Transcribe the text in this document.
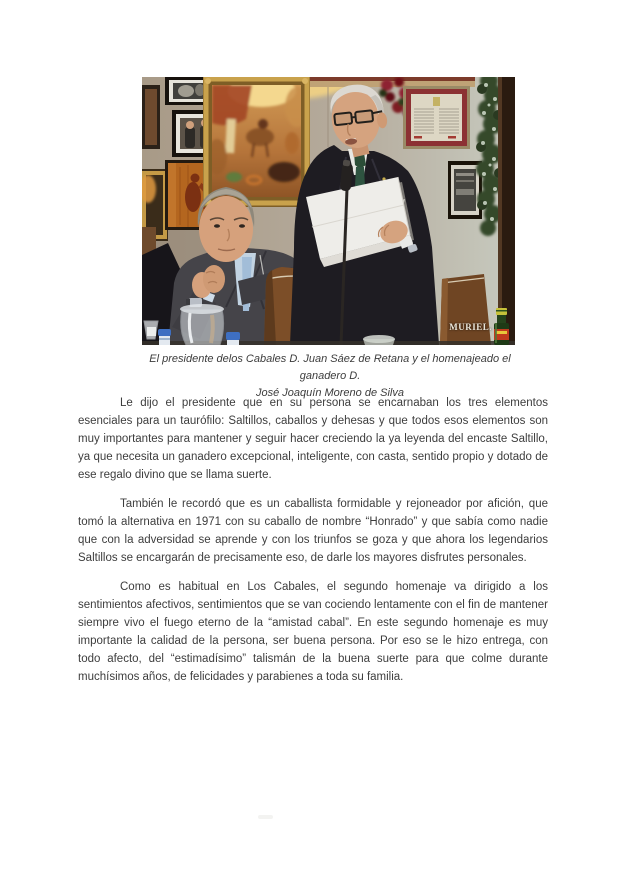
MURIEL.
El presidente delos Cabales D. Juan Sáez de Retana y el homenajeado el ganadero D.
José Joaquín Moreno de Silva

Le dijo el presidente que en su persona se encarnaban los tres elementos esenciales para un taurófilo: Saltillos, caballos y dehesas y que todos esos elementos son muy importantes para mantener y seguir hacer creciendo la ya leyenda del encaste Saltillo, ya que necesita un ganadero excepcional, inteligente, con casta, sentido propio y dotado de ese regalo divino que se llama suerte.

También le recordó que es un caballista formidable y rejoneador por afición, que tomó la alternativa en 1971 con su caballo de nombre “Honrado” y que sabía como nadie que con la adversidad se aprende y con los triunfos se goza y que ahora los legendarios Saltillos se encargarán de precisamente eso, de darle los mayores disfrutes personales.

Como es habitual en Los Cabales, el segundo homenaje va dirigido a los sentimientos afectivos, sentimientos que se van cociendo lentamente con el fin de mantener siempre vivo el fuego eterno de la “amistad cabal”. En este segundo homenaje es muy importante la calidad de la persona, ser buena persona. Por eso se le hizo entrega, con todo afecto, del “estimadísimo” talismán de la buena suerte para que colme durante muchísimos años, de felicidades y parabienes a toda su familia.
